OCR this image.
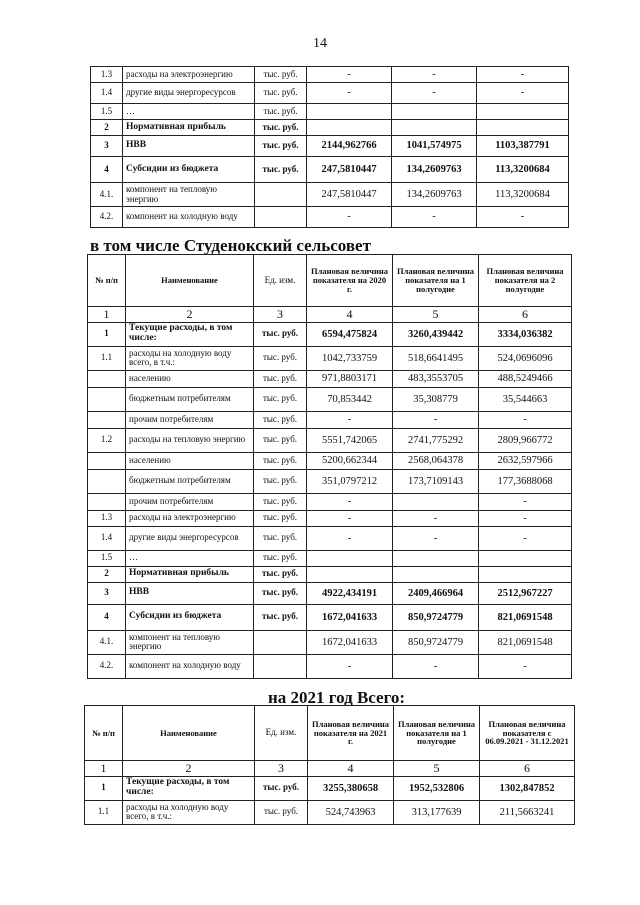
14
1.3	расходы на электроэнергию	тыс. руб.	-	-	-
1.4	другие виды энергоресурсов	тыс. руб.	-	-	-
1.5	…	тыс. руб.			
2	Нормативная прибыль	тыс. руб.			
3	НВВ	тыс. руб.	2144,962766	1041,574975	1103,387791
4	Субсидии из бюджета	тыс. руб.	247,5810447	134,2609763	113,3200684
4.1.	компонент на тепловую энергию		247,5810447	134,2609763	113,3200684
4.2.	компонент на холодную воду		-	-	-
в том числе Студенокский сельсовет
№ п/п	Наименование	Ед. изм.	Плановая величина показателя на 2020 г.	Плановая величина показателя на 1 полугодие	Плановая величина показателя на 2 полугодие
1	2	3	4	5	6
1	Текущие расходы, в том числе:	тыс. руб.	6594,475824	3260,439442	3334,036382
1.1	расходы на холодную воду всего, в т.ч.:	тыс. руб.	1042,733759	518,6641495	524,0696096
	населению	тыс. руб.	971,8803171	483,3553705	488,5249466
	бюджетным потребителям	тыс. руб.	70,853442	35,308779	35,544663
	прочим потребителям	тыс. руб.	-	-	-
1.2	расходы на тепловую энергию	тыс. руб.	5551,742065	2741,775292	2809,966772
	населению	тыс. руб.	5200,662344	2568,064378	2632,597966
	бюджетным потребителям	тыс. руб.	351,0797212	173,7109143	177,3688068
	прочим потребителям	тыс. руб.	-		-
1.3	расходы на электроэнергию	тыс. руб.	-	-	-
1.4	другие виды энергоресурсов	тыс. руб.	-	-	-
1.5	…	тыс. руб.			
2	Нормативная прибыль	тыс. руб.			
3	НВВ	тыс. руб.	4922,434191	2409,466964	2512,967227
4	Субсидии из бюджета	тыс. руб.	1672,041633	850,9724779	821,0691548
4.1.	компонент на тепловую энергию		1672,041633	850,9724779	821,0691548
4.2.	компонент на холодную воду		-	-	-
на 2021 год Всего:
№ п/п	Наименование	Ед. изм.	Плановая величина показателя на 2021 г.	Плановая величина показателя на 1 полугодие	Плановая величина показателя с 06.09.2021 - 31.12.2021
1	2	3	4	5	6
1	Текущие расходы, в том числе:	тыс. руб.	3255,380658	1952,532806	1302,847852
1.1	расходы на холодную воду всего, в т.ч.:	тыс. руб.	524,743963	313,177639	211,5663241
